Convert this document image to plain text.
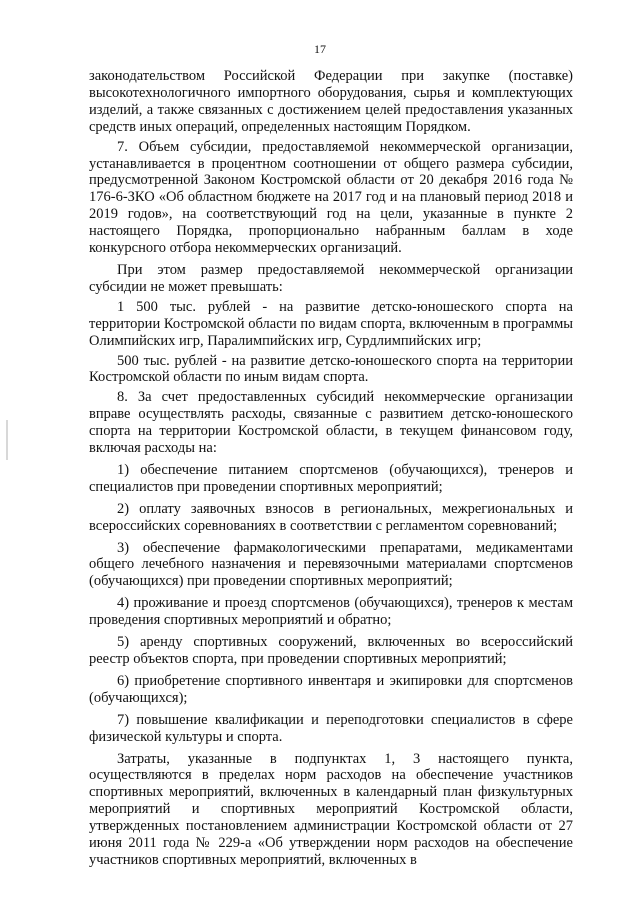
17

законодательством Российской Федерации при закупке (поставке) высокотехнологичного импортного оборудования, сырья и комплектующих изделий, а также связанных с достижением целей предоставления указанных средств иных операций, определенных настоящим Порядком.

7. Объем субсидии, предоставляемой некоммерческой организации, устанавливается в процентном соотношении от общего размера субсидии, предусмотренной Законом Костромской области от 20 декабря 2016 года № 176-6-ЗКО «Об областном бюджете на 2017 год и на плановый период 2018 и 2019 годов», на соответствующий год на цели, указанные в пункте 2 настоящего Порядка, пропорционально набранным баллам в ходе конкурсного отбора некоммерческих организаций.

При этом размер предоставляемой некоммерческой организации субсидии не может превышать:

1 500 тыс. рублей - на развитие детско-юношеского спорта на территории Костромской области по видам спорта, включенным в программы Олимпийских игр, Паралимпийских игр, Сурдлимпийских игр;

500 тыс. рублей - на развитие детско-юношеского спорта на территории Костромской области по иным видам спорта.

8. За счет предоставленных субсидий некоммерческие организации вправе осуществлять расходы, связанные с развитием детско-юношеского спорта на территории Костромской области, в текущем финансовом году, включая расходы на:

1) обеспечение питанием спортсменов (обучающихся), тренеров и специалистов при проведении спортивных мероприятий;

2) оплату заявочных взносов в региональных, межрегиональных и всероссийских соревнованиях в соответствии с регламентом соревнований;

3) обеспечение фармакологическими препаратами, медикаментами общего лечебного назначения и перевязочными материалами спортсменов (обучающихся) при проведении спортивных мероприятий;

4) проживание и проезд спортсменов (обучающихся), тренеров к местам проведения спортивных мероприятий и обратно;

5) аренду спортивных сооружений, включенных во всероссийский реестр объектов спорта, при проведении спортивных мероприятий;

6) приобретение спортивного инвентаря и экипировки для спортсменов (обучающихся);

7) повышение квалификации и переподготовки специалистов в сфере физической культуры и спорта.

Затраты, указанные в подпунктах 1, 3 настоящего пункта, осуществляются в пределах норм расходов на обеспечение участников спортивных мероприятий, включенных в календарный план физкультурных мероприятий и спортивных мероприятий Костромской области, утвержденных постановлением администрации Костромской области от 27 июня 2011 года № 229-а «Об утверждении норм расходов на обеспечение участников спортивных мероприятий, включенных в
